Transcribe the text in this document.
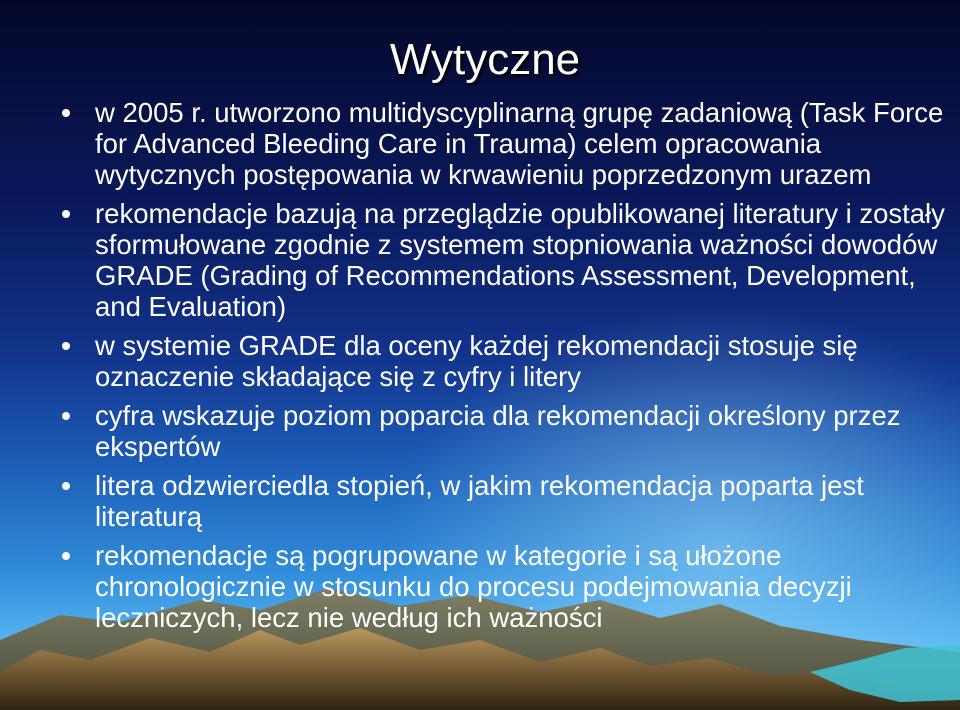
Wytyczne
w 2005 r. utworzono multidyscyplinarną grupę zadaniową (Task Force for Advanced Bleeding Care in Trauma) celem opracowania wytycznych postępowania w krwawieniu poprzedzonym urazem
rekomendacje bazują na przeglądzie opublikowanej literatury i zostały sformułowane zgodnie z systemem stopniowania ważności dowodów GRADE (Grading of Recommendations Assessment, Development, and Evaluation)
w systemie GRADE dla oceny każdej rekomendacji stosuje się oznaczenie składające się z cyfry i litery
cyfra wskazuje poziom poparcia dla rekomendacji określony przez ekspertów
litera odzwierciedla stopień, w jakim rekomendacja poparta jest literaturą
rekomendacje są pogrupowane w kategorie i są ułożone chronologicznie w stosunku do procesu podejmowania decyzji leczniczych, lecz nie według ich ważności
